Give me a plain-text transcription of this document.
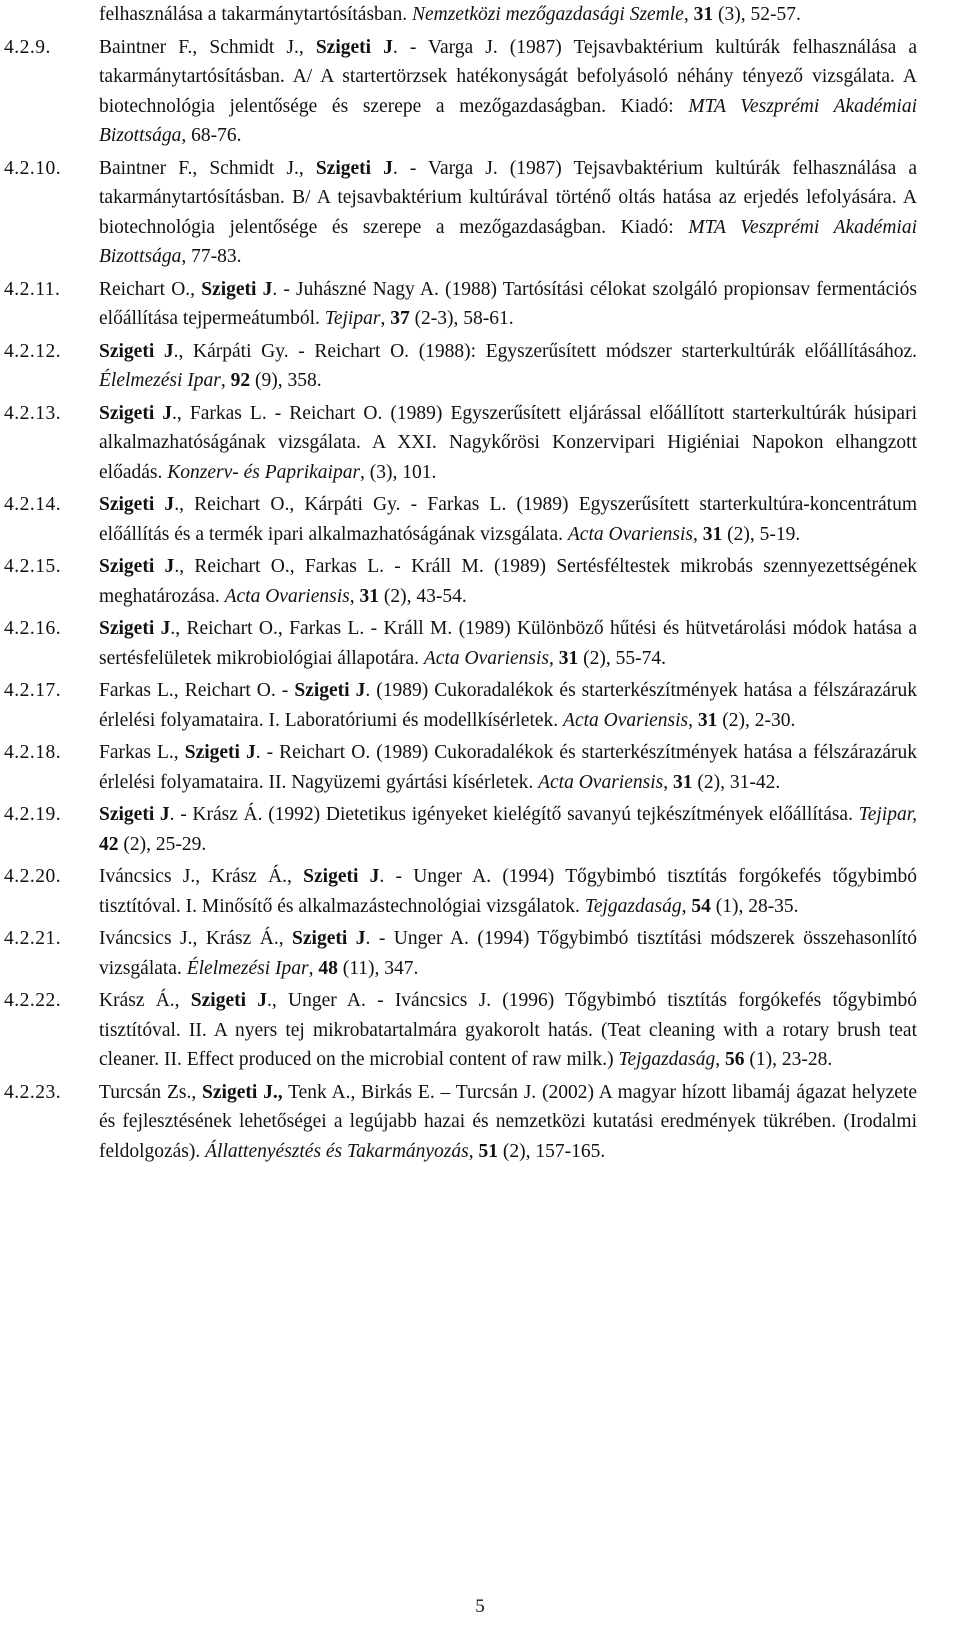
felhasználása a takarmánytartósításban. Nemzetközi mezőgazdasági Szemle, 31 (3), 52-57.
4.2.9.	Baintner F., Schmidt J., Szigeti J. - Varga J. (1987) Tejsavbaktérium kultúrák felhasználása a takarmánytartósításban. A/ A startertörzsek hatékonyságát befolyásoló néhány tényező vizsgálata. A biotechnológia jelentősége és szerepe a mezőgazdaságban. Kiadó: MTA Veszprémi Akadémiai Bizottsága, 68-76.
4.2.10.	Baintner F., Schmidt J., Szigeti J. - Varga J. (1987) Tejsavbaktérium kultúrák felhasználása a takarmánytartósításban. B/ A tejsavbaktérium kultúrával történő oltás hatása az erjedés lefolyására. A biotechnológia jelentősége és szerepe a mezőgazdaságban. Kiadó: MTA Veszprémi Akadémiai Bizottsága, 77-83.
4.2.11.	Reichart O., Szigeti J. - Juhászné Nagy A. (1988) Tartósítási célokat szolgáló propionsav fermentációs előállítása tejpermeátumból. Tejipar, 37 (2-3), 58-61.
4.2.12.	Szigeti J., Kárpáti Gy. - Reichart O. (1988): Egyszerűsített módszer starterkultúrák előállításához. Élelmezési Ipar, 92 (9), 358.
4.2.13.	Szigeti J., Farkas L. - Reichart O. (1989) Egyszerűsített eljárással előállított starterkultúrák húsipari alkalmazhatóságának vizsgálata. A XXI. Nagykőrösi Konzervipari Higiéniai Napokon elhangzott előadás. Konzerv- és Paprikaipar, (3), 101.
4.2.14.	Szigeti J., Reichart O., Kárpáti Gy. - Farkas L. (1989) Egyszerűsített starterkultúra-koncentrátum előállítás és a termék ipari alkalmazhatóságának vizsgálata. Acta Ovariensis, 31 (2), 5-19.
4.2.15.	Szigeti J., Reichart O., Farkas L. - Králl M. (1989) Sertésféltestek mikrobás szennyezettségének meghatározása. Acta Ovariensis, 31 (2), 43-54.
4.2.16.	Szigeti J., Reichart O., Farkas L. - Králl M. (1989) Különböző hűtési és hütvetárolási módok hatása a sertésfelületek mikrobiológiai állapotára. Acta Ovariensis, 31 (2), 55-74.
4.2.17.	Farkas L., Reichart O. - Szigeti J. (1989) Cukoradalékok és starterkészítmények hatása a félszárazáruk érlelési folyamataira. I. Laboratóriumi és modellkísérletek. Acta Ovariensis, 31 (2), 2-30.
4.2.18.	Farkas L., Szigeti J. - Reichart O. (1989) Cukoradalékok és starterkészítmények hatása a félszárazáruk érlelési folyamataira. II. Nagyüzemi gyártási kísérletek. Acta Ovariensis, 31 (2), 31-42.
4.2.19.	Szigeti J. - Krász Á. (1992) Dietetikus igényeket kielégítő savanyú tejkészítmények előállítása. Tejipar, 42 (2), 25-29.
4.2.20.	Iváncsics J., Krász Á., Szigeti J. - Unger A. (1994) Tőgybimbó tisztítás forgókefés tőgybimbó tisztítóval. I. Minősítő és alkalmazástechnológiai vizsgálatok. Tejgazdaság, 54 (1), 28-35.
4.2.21.	Iváncsics J., Krász Á., Szigeti J. - Unger A. (1994) Tőgybimbó tisztítási módszerek összehasonlító vizsgálata. Élelmezési Ipar, 48 (11), 347.
4.2.22.	Krász Á., Szigeti J., Unger A. - Iváncsics J. (1996) Tőgybimbó tisztítás forgókefés tőgybimbó tisztítóval. II. A nyers tej mikrobatartalmára gyakorolt hatás. (Teat cleaning with a rotary brush teat cleaner. II. Effect produced on the microbial content of raw milk.) Tejgazdaság, 56 (1), 23-28.
4.2.23.	Turcsán Zs., Szigeti J., Tenk A., Birkás E. – Turcsán J. (2002) A magyar hízott libamáj ágazat helyzete és fejlesztésének lehetőségei a legújabb hazai és nemzetközi kutatási eredmények tükrében. (Irodalmi feldolgozás). Állattenyésztés és Takarmányozás, 51 (2), 157-165.
5
